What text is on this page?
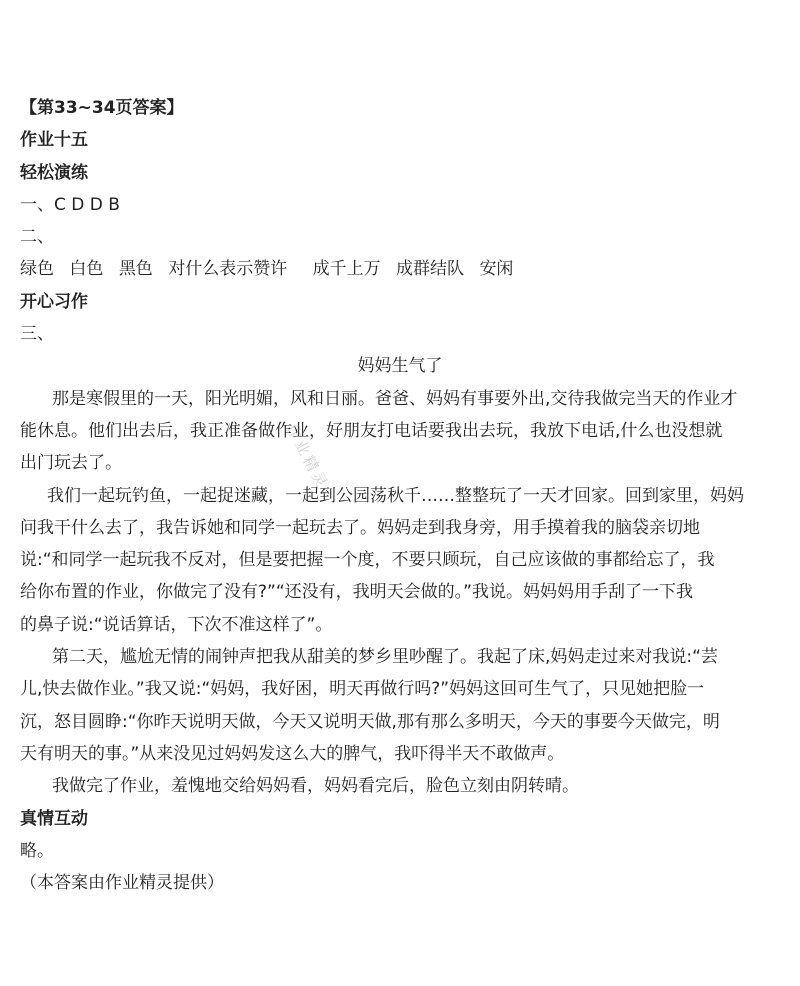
【第33~34页答案】
作业十五
轻松演练
一、C D D B
二、
绿色 白色 黑色 对什么表示赞许 成千上万 成群结队 安闲
开心习作
三、
妈妈生气了
那是寒假里的一天，阳光明媚，风和日丽。爸爸、妈妈有事要外出,交待我做完当天的作业才
能休息。他们出去后，我正准备做作业，好朋友打电话要我出去玩，我放下电话,什么也没想就
出门玩去了。
我们一起玩钓鱼，一起捉迷藏，一起到公园荡秋千……整整玩了一天才回家。回到家里，妈妈
问我干什么去了，我告诉她和同学一起玩去了。妈妈走到我身旁，用手摸着我的脑袋亲切地
说:“和同学一起玩我不反对，但是要把握一个度，不要只顾玩，自己应该做的事都给忘了，我
给你布置的作业，你做完了没有?”“还没有，我明天会做的。”我说。妈妈妈用手刮了一下我
的鼻子说:“说话算话，下次不准这样了”。
第二天，尴尬无情的闹钟声把我从甜美的梦乡里吵醒了。我起了床,妈妈走过来对我说:“芸
儿,快去做作业。”我又说:“妈妈，我好困，明天再做行吗?”妈妈这回可生气了，只见她把脸一
沉，怒目圆睁:“你昨天说明天做，今天又说明天做,那有那么多明天，今天的事要今天做完，明
天有明天的事。”从来没见过妈妈发这么大的脾气，我吓得半天不敢做声。
我做完了作业，羞愧地交给妈妈看，妈妈看完后，脸色立刻由阴转晴。
真情互动
略。
（本答案由作业精灵提供）
作业精灵
